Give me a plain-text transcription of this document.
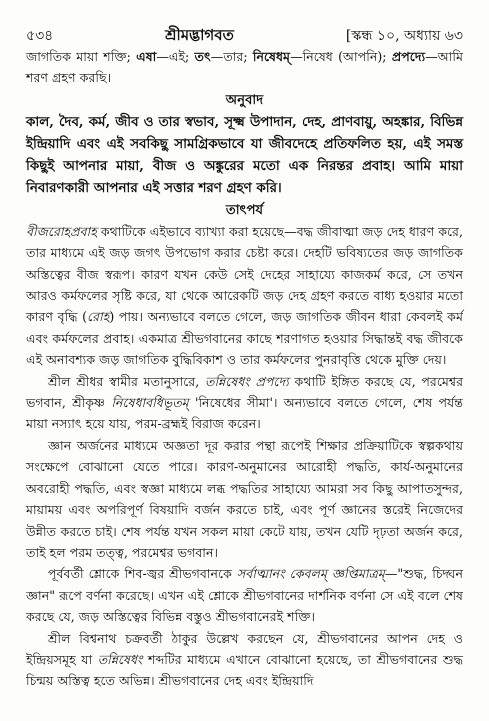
৫৩৪	শ্রীমদ্ভাগবত	[স্কন্ধ ১০, অধ্যায় ৬৩

জাগতিক মায়া শক্তি; এষা—এই; তৎ—তার; নিষেধম্—নিষেধ (আপনি); প্রপদ্যে—আমি শরণ গ্রহণ করছি।

অনুবাদ

কাল, দৈব, কর্ম, জীব ও তার স্বভাব, সূক্ষ্ম উপাদান, দেহ, প্রাণবায়ু, অহঙ্কার, বিভিন্ন ইন্দ্রিয়াদি এবং এই সবকিছু সামগ্রিকভাবে যা জীবদেহে প্রতিফলিত হয়, এই সমস্ত কিছুই আপনার মায়া, বীজ ও অঙ্কুরের মতো এক নিরন্তর প্রবাহ। আমি মায়া নিবারণকারী আপনার এই সত্তার শরণ গ্রহণ করি।

তাৎপর্য

বীজরোহপ্রবাহ কথাটিকে এইভাবে ব্যাখ্যা করা হয়েছে—বদ্ধ জীবাত্মা জড় দেহ ধারণ করে, তার মাধ্যমে এই জড় জগৎ উপভোগ করার চেষ্টা করে। দেহটি ভবিষ্যতের জড় জাগতিক অস্তিত্বের বীজ স্বরূপ। কারণ যখন কেউ সেই দেহের সাহায্যে কাজকর্ম করে, সে তখন আরও কর্মফলের সৃষ্টি করে, যা থেকে আরেকটি জড় দেহ গ্রহণ করতে বাধ্য হওয়ার মতো কারণ বৃদ্ধি (রোহ) পায়। অন্যভাবে বলতে গেলে, জড় জাগতিক জীবন ধারা কেবলই কর্ম এবং কর্মফলের প্রবাহ। একমাত্র শ্রীভগবানের কাছে শরণাগত হওয়ার সিদ্ধান্তই বদ্ধ জীবকে এই অনাবশ্যক জড় জাগতিক বুদ্ধিবিকাশ ও তার কর্মফলের পুনরাবৃত্তি থেকে মুক্তি দেয়।

শ্রীল শ্রীধর স্বামীর মতানুসারে, তন্নিষেধং প্রপদ্যে কথাটি ইঙ্গিত করছে যে, পরমেশ্বর ভগবান, শ্রীকৃষ্ণ নিষেধাবধিভূতম্ 'নিষেধের সীমা'। অন্যভাবে বলতে গেলে, শেষ পর্যন্ত মায়া নস্যাৎ হয়ে যায়, পরম-ব্রহ্মই বিরাজ করেন।

জ্ঞান অর্জনের মাধ্যমে অজ্ঞতা দূর করার পন্থা রূপেই শিক্ষার প্রক্রিয়াটিকে স্বল্পকথায় সংক্ষেপে বোঝানো যেতে পারে। কারণ-অনুমানের আরোহী পদ্ধতি, কার্য-অনুমানের অবরোহী পদ্ধতি, এবং স্বজ্ঞা মাধ্যমে লব্ধ পদ্ধতির সাহায্যে আমরা সব কিছু আপাতসুন্দর, মায়াময় এবং অপরিপূর্ণ বিষয়াদি বর্জন করতে চাই, এবং পূর্ণ জ্ঞানের স্তরেই নিজেদের উন্নীত করতে চাই। শেষ পর্যন্ত যখন সকল মায়া কেটে যায়, তখন যেটি দৃঢ়তা অর্জন করে, তাই হল পরম তত্ত্ব, পরমেশ্বর ভগবান।

পূর্ববর্তী শ্লোকে শিব-জ্বর শ্রীভগবানকে সর্বাত্মানং কেবলম্ জ্ঞপ্তিমাত্রম্—"শুদ্ধ, চিদ্ঘন জ্ঞান" রূপে বর্ণনা করেছে। এখন এই শ্লোকে শ্রীভগবানের দার্শনিক বর্ণনা সে এই বলে শেষ করছে যে, জড় অস্তিত্বের বিভিন্ন বস্তুও শ্রীভগবানেরই শক্তি।

শ্রীল বিশ্বনাথ চক্রবর্তী ঠাকুর উল্লেখ করছেন যে, শ্রীভগবানের আপন দেহ ও ইন্দ্রিয়সমূহ যা তন্নিষেধং শব্দটির মাধ্যমে এখানে বোঝানো হয়েছে, তা শ্রীভগবানের শুদ্ধ চিন্ময় অস্তিত্ব হতে অভিন্ন। শ্রীভগবানের দেহ এবং ইন্দ্রিয়াদি
